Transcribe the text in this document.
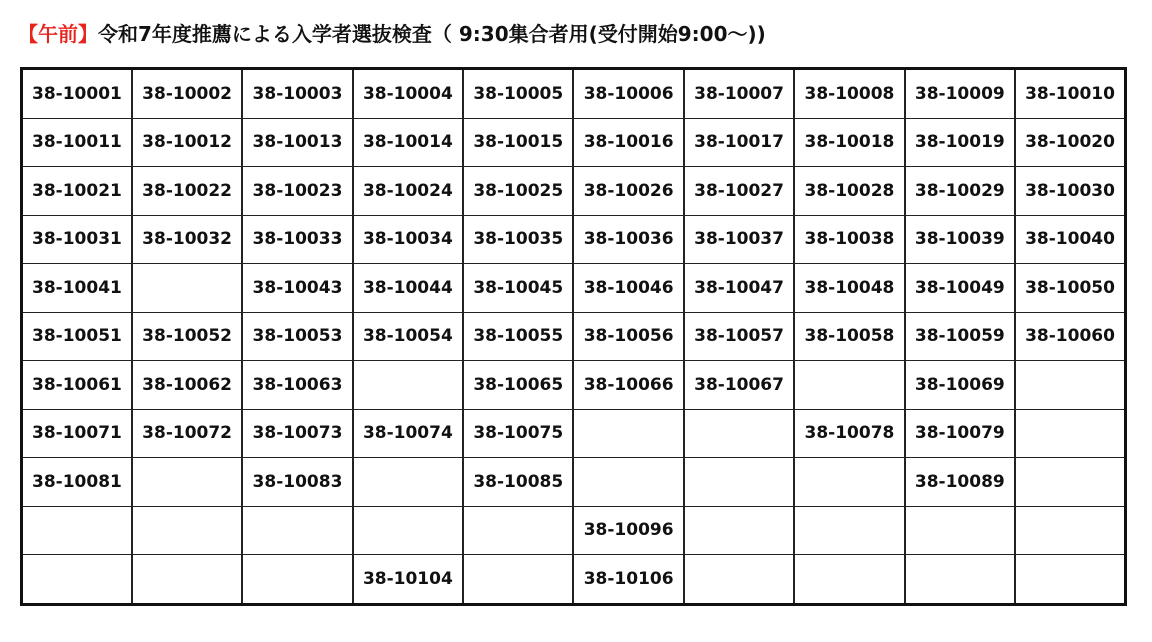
【午前】令和7年度推薦による入学者選抜検査（ 9:30集合者用(受付開始9:00～))
38-10001	38-10002	38-10003	38-10004	38-10005	38-10006	38-10007	38-10008	38-10009	38-10010
38-10011	38-10012	38-10013	38-10014	38-10015	38-10016	38-10017	38-10018	38-10019	38-10020
38-10021	38-10022	38-10023	38-10024	38-10025	38-10026	38-10027	38-10028	38-10029	38-10030
38-10031	38-10032	38-10033	38-10034	38-10035	38-10036	38-10037	38-10038	38-10039	38-10040
38-10041		38-10043	38-10044	38-10045	38-10046	38-10047	38-10048	38-10049	38-10050
38-10051	38-10052	38-10053	38-10054	38-10055	38-10056	38-10057	38-10058	38-10059	38-10060
38-10061	38-10062	38-10063		38-10065	38-10066	38-10067		38-10069	
38-10071	38-10072	38-10073	38-10074	38-10075			38-10078	38-10079	
38-10081		38-10083		38-10085				38-10089	
					38-10096				
			38-10104		38-10106				
